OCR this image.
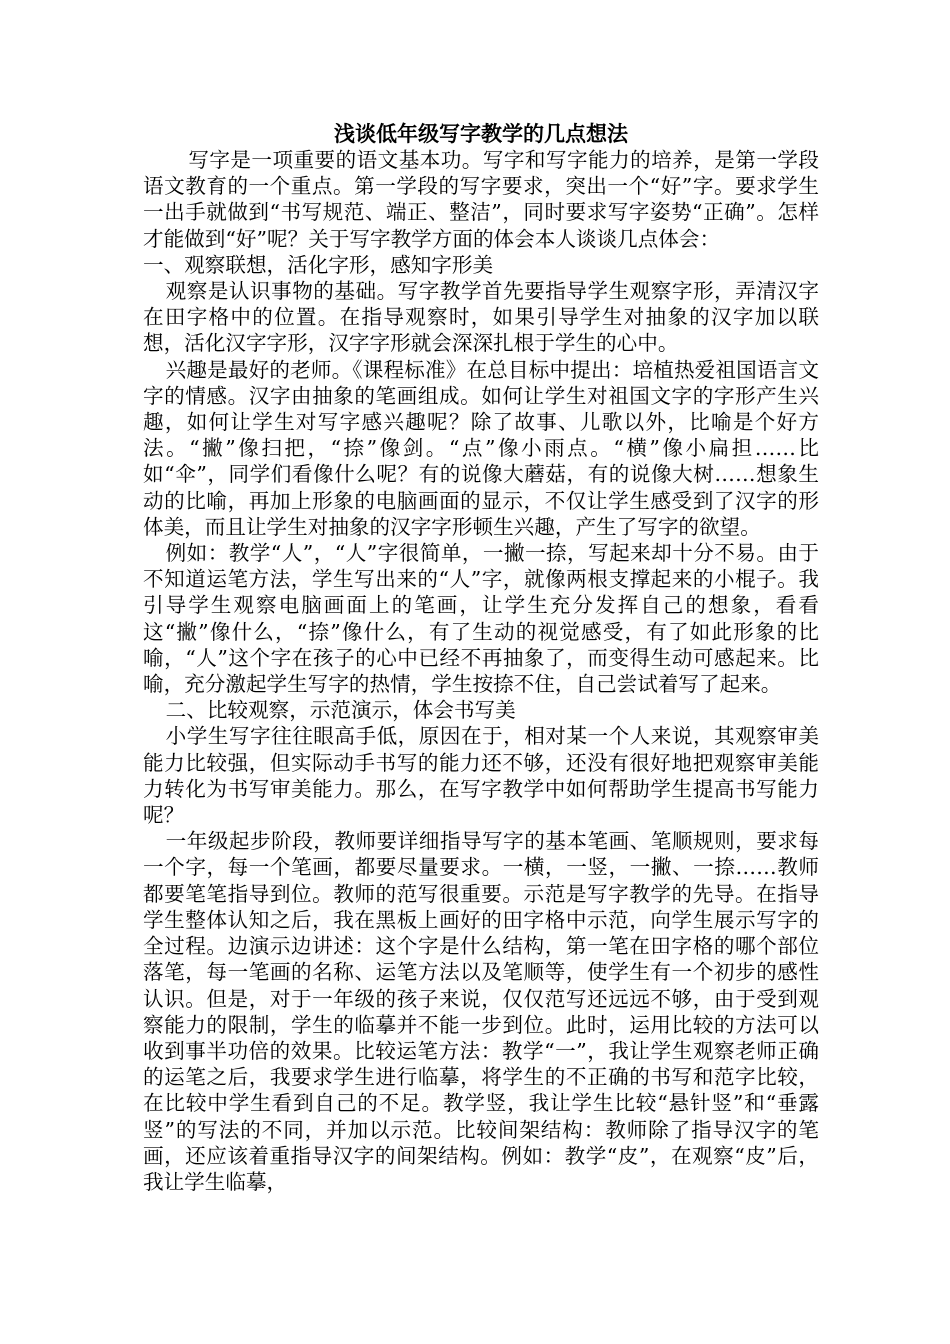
浅谈低年级写字教学的几点想法

写字是一项重要的语文基本功。写字和写字能力的培养，是第一学段语文教育的一个重点。第一学段的写字要求，突出一个“好”字。要求学生一出手就做到“书写规范、端正、整洁”，同时要求写字姿势“正确”。怎样才能做到“好”呢？关于写字教学方面的体会本人谈谈几点体会：

一、观察联想，活化字形，感知字形美

观察是认识事物的基础。写字教学首先要指导学生观察字形，弄清汉字在田字格中的位置。在指导观察时，如果引导学生对抽象的汉字加以联想，活化汉字字形，汉字字形就会深深扎根于学生的心中。

兴趣是最好的老师。《课程标准》在总目标中提出：培植热爱祖国语言文字的情感。汉字由抽象的笔画组成。如何让学生对祖国文字的字形产生兴趣，如何让学生对写字感兴趣呢？除了故事、儿歌以外，比喻是个好方法。“撇”像扫把，“捺”像剑。“点”像小雨点。“横”像小扁担……比如“伞”，同学们看像什么呢？有的说像大蘑菇，有的说像大树……想象生动的比喻，再加上形象的电脑画面的显示，不仅让学生感受到了汉字的形体美，而且让学生对抽象的汉字字形顿生兴趣，产生了写字的欲望。

例如：教学“人”，“人”字很简单，一撇一捺，写起来却十分不易。由于不知道运笔方法，学生写出来的“人”字，就像两根支撑起来的小棍子。我引导学生观察电脑画面上的笔画，让学生充分发挥自己的想象，看看这“撇”像什么，“捺”像什么，有了生动的视觉感受，有了如此形象的比喻，“人”这个字在孩子的心中已经不再抽象了，而变得生动可感起来。比喻，充分激起学生写字的热情，学生按捺不住，自己尝试着写了起来。

二、比较观察，示范演示，体会书写美

小学生写字往往眼高手低，原因在于，相对某一个人来说，其观察审美能力比较强，但实际动手书写的能力还不够，还没有很好地把观察审美能力转化为书写审美能力。那么，在写字教学中如何帮助学生提高书写能力呢？

一年级起步阶段，教师要详细指导写字的基本笔画、笔顺规则，要求每一个字，每一个笔画，都要尽量要求。一横，一竖，一撇、一捺……教师都要笔笔指导到位。教师的范写很重要。示范是写字教学的先导。在指导学生整体认知之后，我在黑板上画好的田字格中示范，向学生展示写字的全过程。边演示边讲述：这个字是什么结构，第一笔在田字格的哪个部位落笔，每一笔画的名称、运笔方法以及笔顺等，使学生有一个初步的感性认识。但是，对于一年级的孩子来说，仅仅范写还远远不够，由于受到观察能力的限制，学生的临摹并不能一步到位。此时，运用比较的方法可以收到事半功倍的效果。比较运笔方法：教学“一”，我让学生观察老师正确的运笔之后，我要求学生进行临摹，将学生的不正确的书写和范字比较，在比较中学生看到自己的不足。教学竖，我让学生比较“悬针竖”和“垂露竖”的写法的不同，并加以示范。比较间架结构：教师除了指导汉字的笔画，还应该着重指导汉字的间架结构。例如：教学“皮”，在观察“皮”后，我让学生临摹，
